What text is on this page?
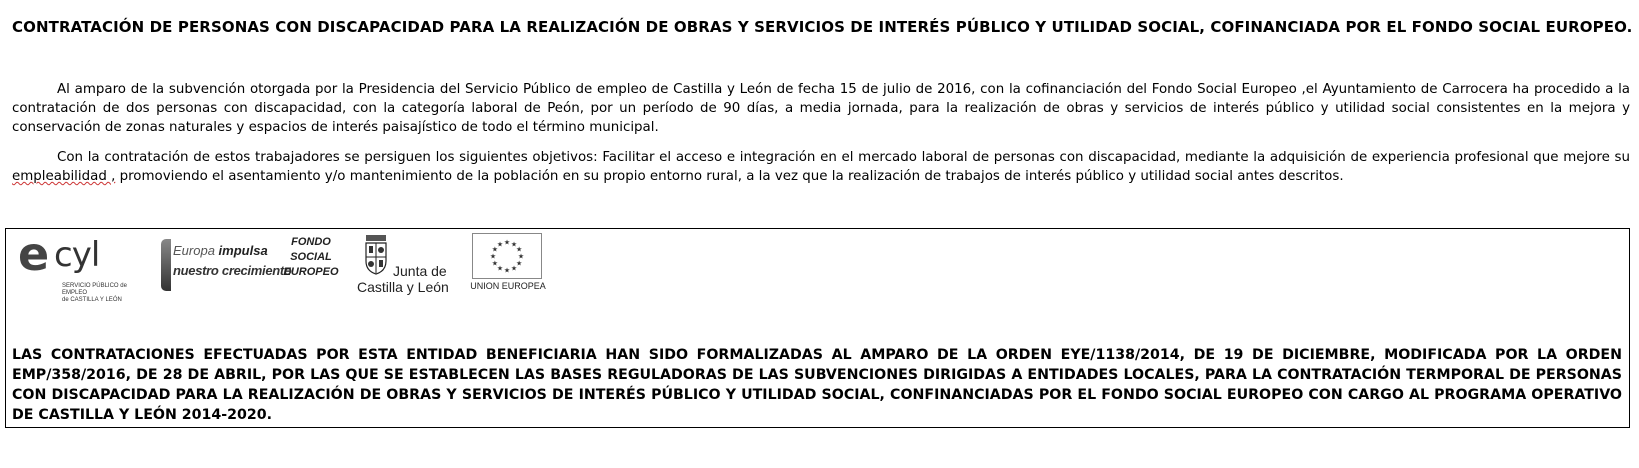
CONTRATACIÓN DE PERSONAS CON DISCAPACIDAD PARA LA REALIZACIÓN DE OBRAS Y SERVICIOS DE INTERÉS PÚBLICO Y UTILIDAD SOCIAL, COFINANCIADA POR EL FONDO SOCIAL EUROPEO.
Al amparo de la subvención otorgada por la Presidencia del Servicio Público de empleo de Castilla y León de fecha 15 de julio de 2016, con la cofinanciación del Fondo Social Europeo ,el Ayuntamiento de Carrocera ha procedido a la contratación de dos personas con discapacidad, con la categoría laboral de Peón, por un período de 90 días, a media jornada, para la realización de obras y servicios de interés público y utilidad social consistentes en la mejora y conservación de zonas naturales y espacios de interés paisajístico de todo el término municipal.
Con la contratación de estos trabajadores se persiguen los siguientes objetivos: Facilitar el acceso e integración en el mercado laboral de personas con discapacidad, mediante la adquisición de experiencia profesional que mejore su empleabilidad , promoviendo el asentamiento y/o mantenimiento de la población en su propio entorno rural, a la vez que la realización de trabajos de interés público y utilidad social antes descritos.
e cyl
SERVICIO PÚBLICO de EMPLEO
de CASTILLA Y LEÓN
Europa impulsa
nuestro crecimiento
FONDO
SOCIAL
EUROPEO	Junta de
Castilla y León
★ ★
★
★
★
★
★
★
★
★
★
★
UNION EUROPEA
LAS CONTRATACIONES EFECTUADAS POR ESTA ENTIDAD BENEFICIARIA HAN SIDO FORMALIZADAS AL AMPARO DE LA ORDEN EYE/1138/2014, DE 19 DE DICIEMBRE, MODIFICADA POR LA ORDEN EMP/358/2016, DE 28 DE ABRIL, POR LAS QUE SE ESTABLECEN LAS BASES REGULADORAS DE LAS SUBVENCIONES DIRIGIDAS A ENTIDADES LOCALES, PARA LA CONTRATACIÓN TERMPORAL DE PERSONAS CON DISCAPACIDAD PARA LA REALIZACIÓN DE OBRAS Y SERVICIOS DE INTERÉS PÚBLICO Y UTILIDAD SOCIAL, CONFINANCIADAS POR EL FONDO SOCIAL EUROPEO CON CARGO AL PROGRAMA OPERATIVO DE CASTILLA Y LEÓN 2014-2020.
